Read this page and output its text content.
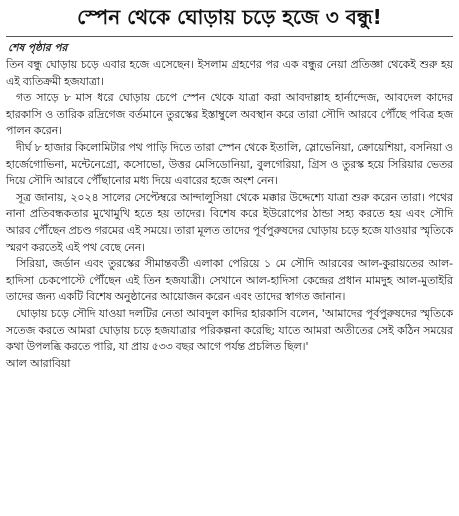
স্পেন থেকে ঘোড়ায় চড়ে হজে ৩ বন্ধু!
শেষ পৃষ্ঠার পর

তিন বন্ধু ঘোড়ায় চড়ে এবার হজে এসেছেন। ইসলাম গ্রহণের পর এক বন্ধুর নেয়া প্রতিজ্ঞা থেকেই শুরু হয় এই ব্যতিক্রমী হজযাত্রা।

গত সাড়ে ৮ মাস ধরে ঘোড়ায় চেপে স্পেন থেকে যাত্রা করা আবদাল্লাহ হার্নান্দেজ, আবদেল কাদের হারকাসি ও তারিক রদ্রিগেজ বর্তমানে তুরস্কের ইস্তাম্বুলে অবস্থান করে তারা সৌদি আরবে পৌঁছে পবিত্র হজ পালন করেন।

দীর্ঘ ৮ হাজার কিলোমিটার পথ পাড়ি দিতে তারা স্পেন থেকে ইতালি, স্লোভেনিয়া, ক্রোয়েশিয়া, বসনিয়া ও হার্জেগোভিনা, মন্টেনেগ্রো, কসোভো, উত্তর মেসিডোনিয়া, বুলগেরিয়া, গ্রিস ও তুরস্ক হয়ে সিরিয়ার ভেতর দিয়ে সৌদি আরবে পৌঁছানোর মধ্য দিয়ে এবারের হজে অংশ নেন।

সূত্র জানায়, ২০২৪ সালের সেপ্টেম্বরে আন্দালুসিয়া থেকে মক্কার উদ্দেশ্যে যাত্রা শুরু করেন তারা। পথের নানা প্রতিবন্ধকতার মুখোমুখি হতে হয় তাদের। বিশেষ করে ইউরোপের ঠান্ডা সহ্য করতে হয় এবং সৌদি আরব পৌঁছেন প্রচণ্ড গরমের এই সময়ে। তারা মূলত তাদের পূর্বপুরুষদের ঘোড়ায় চড়ে হজে যাওয়ার স্মৃতিকে স্মরণ করতেই এই পথ বেছে নেন।

সিরিয়া, জর্ডান এবং তুরস্কের সীমান্তবর্তী এলাকা পেরিয়ে ১ মে সৌদি আরবের আল-কুরায়তের আল-হাদিসা চেকপোস্টে পৌঁছেন এই তিন হজযাত্রী। সেখানে আল-হাদিসা কেন্দ্রের প্রধান মামদুহ আল-মুতাইরি তাদের জন্য একটি বিশেষ অনুষ্ঠানের আয়োজন করেন এবং তাদের স্বাগত জানান।

ঘোড়ায় চড়ে সৌদি যাওয়া দলটির নেতা আবদুল কাদির হারকাসি বলেন, 'আমাদের পূর্বপুরুষদের স্মৃতিকে সতেজ করতে আমরা ঘোড়ায় চড়ে হজযাত্রার পরিকল্পনা করেছি; যাতে আমরা অতীতের সেই কঠিন সময়ের কথা উপলব্ধি করতে পারি, যা প্রায় ৫৩৩ বছর আগে পর্যন্ত প্রচলিত ছিল।'

আল আরাবিয়া
